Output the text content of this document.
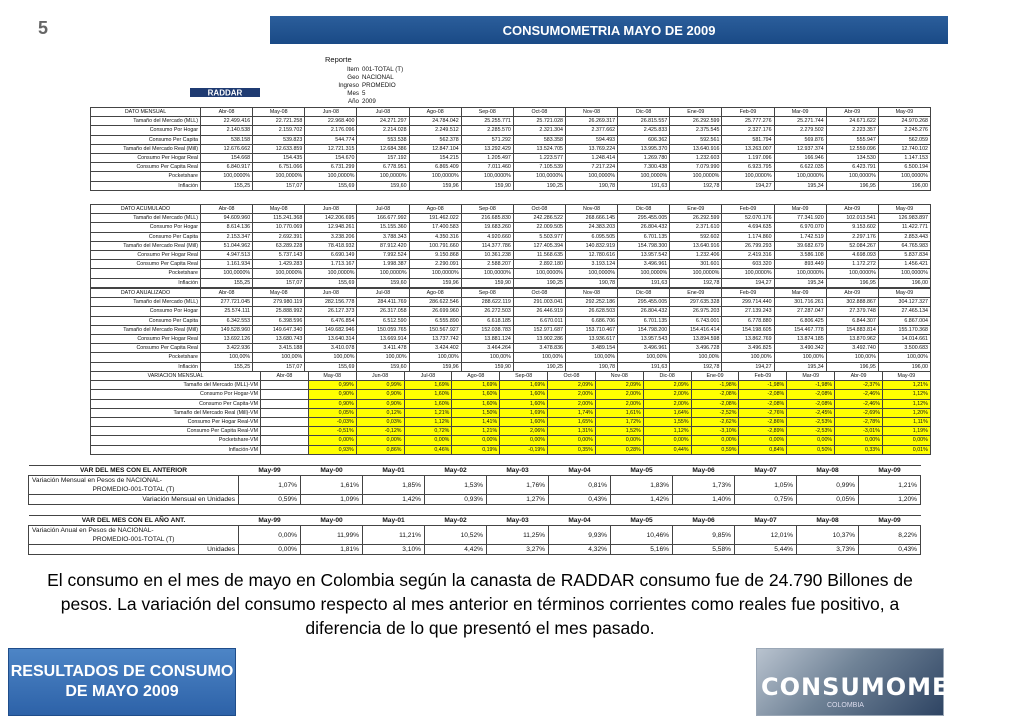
5	CONSUMOMETRIA MAYO DE 2009
RADDAR
Reporte
Item 001-TOTAL (T)
Geo NACIONAL
Ingreso PROMEDIO
Mes 5
Año 2009
DATO MENSUAL	Abr-08	May-08	Jun-08	Jul-08	Ago-08	Sep-08	Oct-08	Nov-08	Dic-08	Ene-09	Feb-09	Mar-09	Abr-09	May-09
Tamaño del Mercado (MLL)	22.499.416	22.721.258	22.968.400	24.271.297	24.784.042	25.255.771	25.721.028	26.269.317	26.815.557	26.292.599	25.777.276	25.271.744	24.671.622	24.970.268
Consumo Por Hogar	2.140.538	2.159.702	2.176.096	2.214.028	2.249.512	2.285.570	2.321.304	2.377.662	2.425.833	2.375.545	2.327.176	2.279.502	2.223.357	2.245.276
Consumo Per Capita	538.158	539.823	544.774	553.538	562.378	571.292	583.358	594.493	606.362	592.561	581.794	569.876	555.947	562.059
Tamaño del Mercado Real (Mill)	12.676.662	12.633.859	12.721.315	12.684.386	12.847.104	13.292.429	13.524.705	13.769.224	13.995.370	13.640.916	13.263.007	12.937.374	12.559.096	12.740.102
Consumo Per Hogar Real	154.668	154.435	154.670	157.192	154.215	1.205.497	1.223.577	1.248.414	1.269.780	1.232.603	1.197.096	166.946	134.530	1.147.153
Consumo Per Capita Real	6.840.917	6.751.066	6.731.299	6.778.951	6.865.409	7.011.460	7.105.539	7.217.224	7.300.438	7.079.990	6.923.795	6.622.035	6.423.791	6.500.194
Pocketshare	100,0000%	100,0000%	100,0000%	100,0000%	100,0000%	100,0000%	100,0000%	100,0000%	100,0000%	100,0000%	100,0000%	100,0000%	100,0000%	100,0000%
Inflación	155,25	157,07	155,69	159,60	159,96	159,90	190,25	190,78	191,63	192,78	194,27	195,34	196,95	196,00
DATO ACUMULADO	Abr-08	May-08	Jun-08	Jul-08	Ago-08	Sep-08	Oct-08	Nov-08	Dic-08	Ene-09	Feb-09	Mar-09	Abr-09	May-09
Tamaño del Mercado (MLL)	94.609.960	115.241.368	142.206.695	166.677.992	191.462.022	216.685.830	242.286.522	268.666.145	295.455.005	26.292.599	52.070.176	77.341.920	102.013.541	126.983.897
Consumo Por Hogar	8.614.136	10.770.069	12.948.261	15.155.360	17.400.583	19.683.260	22.009.505	24.383.203	26.804.432	2.371.610	4.694.635	6.970.070	9.153.602	11.422.771
Consumo Per Capita	2.153.347	2.692.391	3.238.206	3.788.343	4.350.316	4.920.660	5.503.977	6.095.505	6.701.135	592.602	1.174.860	1.742.519	2.297.176	2.853.443
Tamaño del Mercado Real (Mill)	51.044.962	63.289.228	78.418.932	87.912.420	100.791.660	114.377.786	127.405.394	140.832.919	154.798.300	13.640.916	26.799.293	39.682.679	52.084.267	64.765.983
Consumo Per Hogar Real	4.947.513	5.737.143	6.690.149	7.992.524	9.150.868	10.361.238	11.568.635	12.780.616	13.957.542	1.232.406	2.419.316	3.586.108	4.698.093	5.837.834
Consumo Per Capita Real	1.161.934	1.429.283	1.713.167	1.998.387	2.290.091	2.588.207	2.892.180	3.193.124	3.496.961	301.601	603.320	893.449	1.172.272	1.456.421
Pocketshare	100,0000%	100,0000%	100,0000%	100,0000%	100,0000%	100,0000%	100,0000%	100,0000%	100,0000%	100,0000%	100,0000%	100,0000%	100,0000%	100,0000%
Inflación	155,25	157,07	155,69	159,60	159,96	159,90	190,25	190,78	191,63	192,78	194,27	195,34	196,95	196,00
DATO ANUALIZADO	Abr-08	May-08	Jun-08	Jul-08	Ago-08	Sep-08	Oct-08	Nov-08	Dic-08	Ene-09	Feb-09	Mar-09	Abr-09	May-09
Tamaño del Mercado (MLL)	277.721.045	279.980.119	282.156.778	284.411.769	286.622.546	288.622.119	291.003.041	292.252.186	295.455.005	297.635.328	299.714.440	301.716.261	302.888.867	304.127.327
Consumo Por Hogar	25.574.111	25.888.992	26.127.373	26.317.058	26.699.960	26.272.503	26.446.919	26.628.503	26.804.432	26.975.203	27.139.243	27.287.047	27.379.748	27.465.134
Consumo Per Capita	6.342.553	6.398.596	6.476.854	6.512.590	6.555.890	6.618.185	6.670.011	6.686.706	6.701.135	6.743.001	6.778.880	6.806.425	6.844.307	6.867.004
Tamaño del Mercado Real (Mill)	149.528.960	149.647.340	149.682.946	150.059.765	150.567.927	152.038.783	152.971.687	153.710.467	154.798.200	154.416.414	154.198.605	154.467.778	154.883.814	155.170.368
Consumo Per Hogar Real	13.692.126	13.680.743	13.640.314	13.669.914	13.737.742	13.881.124	13.902.286	13.936.617	13.957.543	13.894.598	13.862.769	13.874.185	13.870.962	14.014.661
Consumo Per Capita Real	3.422.936	3.415.188	3.410.078	3.411.478	3.424.402	3.464.264	3.478.836	3.489.154	3.496.961	3.496.728	3.496.825	3.490.342	3.492.740	3.500.683
Pocketshare	100,00%	100,00%	100,00%	100,00%	100,00%	100,00%	100,00%	100,00%	100,00%	100,00%	100,00%	100,00%	100,00%	100,00%
Inflación	155,25	157,07	155,69	159,60	159,96	159,90	190,25	190,78	191,63	192,78	194,27	195,34	196,95	196,00
VARIACION MENSUAL	Abr-08	May-08	Jun-08	Jul-08	Ago-08	Sep-08	Oct-08	Nov-08	Dic-08	Ene-09	Feb-09	Mar-09	Abr-09	May-09
Tamaño del Mercado (MLL)-VM		0,99%	0,99%	1,69%	1,69%	1,69%	2,09%	2,09%	2,09%	-1,98%	-1,98%	-1,98%	-2,37%	1,21%
Consumo Por Hogar-VM		0,90%	0,90%	1,60%	1,60%	1,60%	2,00%	2,00%	2,00%	-2,08%	-2,08%	-2,08%	-2,46%	1,12%
Consumo Per Capita-VM		0,90%	0,90%	1,60%	1,60%	1,60%	2,00%	2,00%	2,00%	-2,08%	-2,08%	-2,08%	-2,46%	1,12%
Tamaño del Mercado Real (Mill)-VM		0,05%	0,12%	1,21%	1,50%	1,69%	1,74%	1,61%	1,64%	-2,52%	-2,76%	-2,45%	-2,69%	1,20%
Consumo Per Hogar Real-VM		-0,03%	0,03%	1,12%	1,41%	1,60%	1,65%	1,72%	1,55%	-2,62%	-2,86%	-2,53%	-2,78%	1,11%
Consumo Per Capita Real-VM		-0,51%	-0,12%	0,72%	1,21%	2,06%	1,31%	1,52%	1,12%	-3,10%	-2,89%	-2,53%	-3,01%	1,19%
Pocketshare-VM		0,00%	0,00%	0,00%	0,00%	0,00%	0,00%	0,00%	0,00%	0,00%	0,00%	0,00%	0,00%	0,00%
Inflación-VM		0,93%	0,86%	0,46%	0,19%	-0,19%	0,35%	0,28%	0,44%	0,59%	0,84%	0,50%	0,33%	0,01%
VAR DEL MES CON EL ANTERIOR	May-99	May-00	May-01	May-02	May-03	May-04	May-05	May-06	May-07	May-08	May-09

Variación Mensual en Pesos de NACIONAL-
PROMEDIO-001-TOTAL (T)	1,07%	1,61%	1,85%	1,53%	1,76%	0,81%	1,83%	1,73%	1,05%	0,99%	1,21%

Variación Mensual en Unidades	0,59%	1,09%	1,42%	0,93%	1,27%	0,43%	1,42%	1,40%	0,75%	0,05%	1,20%
VAR DEL MES CON EL AÑO ANT.	May-99	May-00	May-01	May-02	May-03	May-04	May-05	May-06	May-07	May-08	May-09

Variación Anual en Pesos de NACIONAL-
PROMEDIO-001-TOTAL (T)	0,00%	11,99%	11,21%	10,52%	11,25%	9,93%	10,46%	9,85%	12,01%	10,37%	8,22%

Unidades	0,00%	1,81%	3,10%	4,42%	3,27%	4,32%	5,16%	5,58%	5,44%	3,73%	0,43%
El consumo en el mes de mayo en Colombia según la canasta de RADDAR consumo fue de 24.790 Billones de pesos. La variación del consumo respecto al mes anterior en términos corrientes como reales fue positivo, a diferencia de lo que presentó el mes pasado.
RESULTADOS DE CONSUMO
DE MAYO 2009	CONSUMOMETRIA
COLOMBIA
